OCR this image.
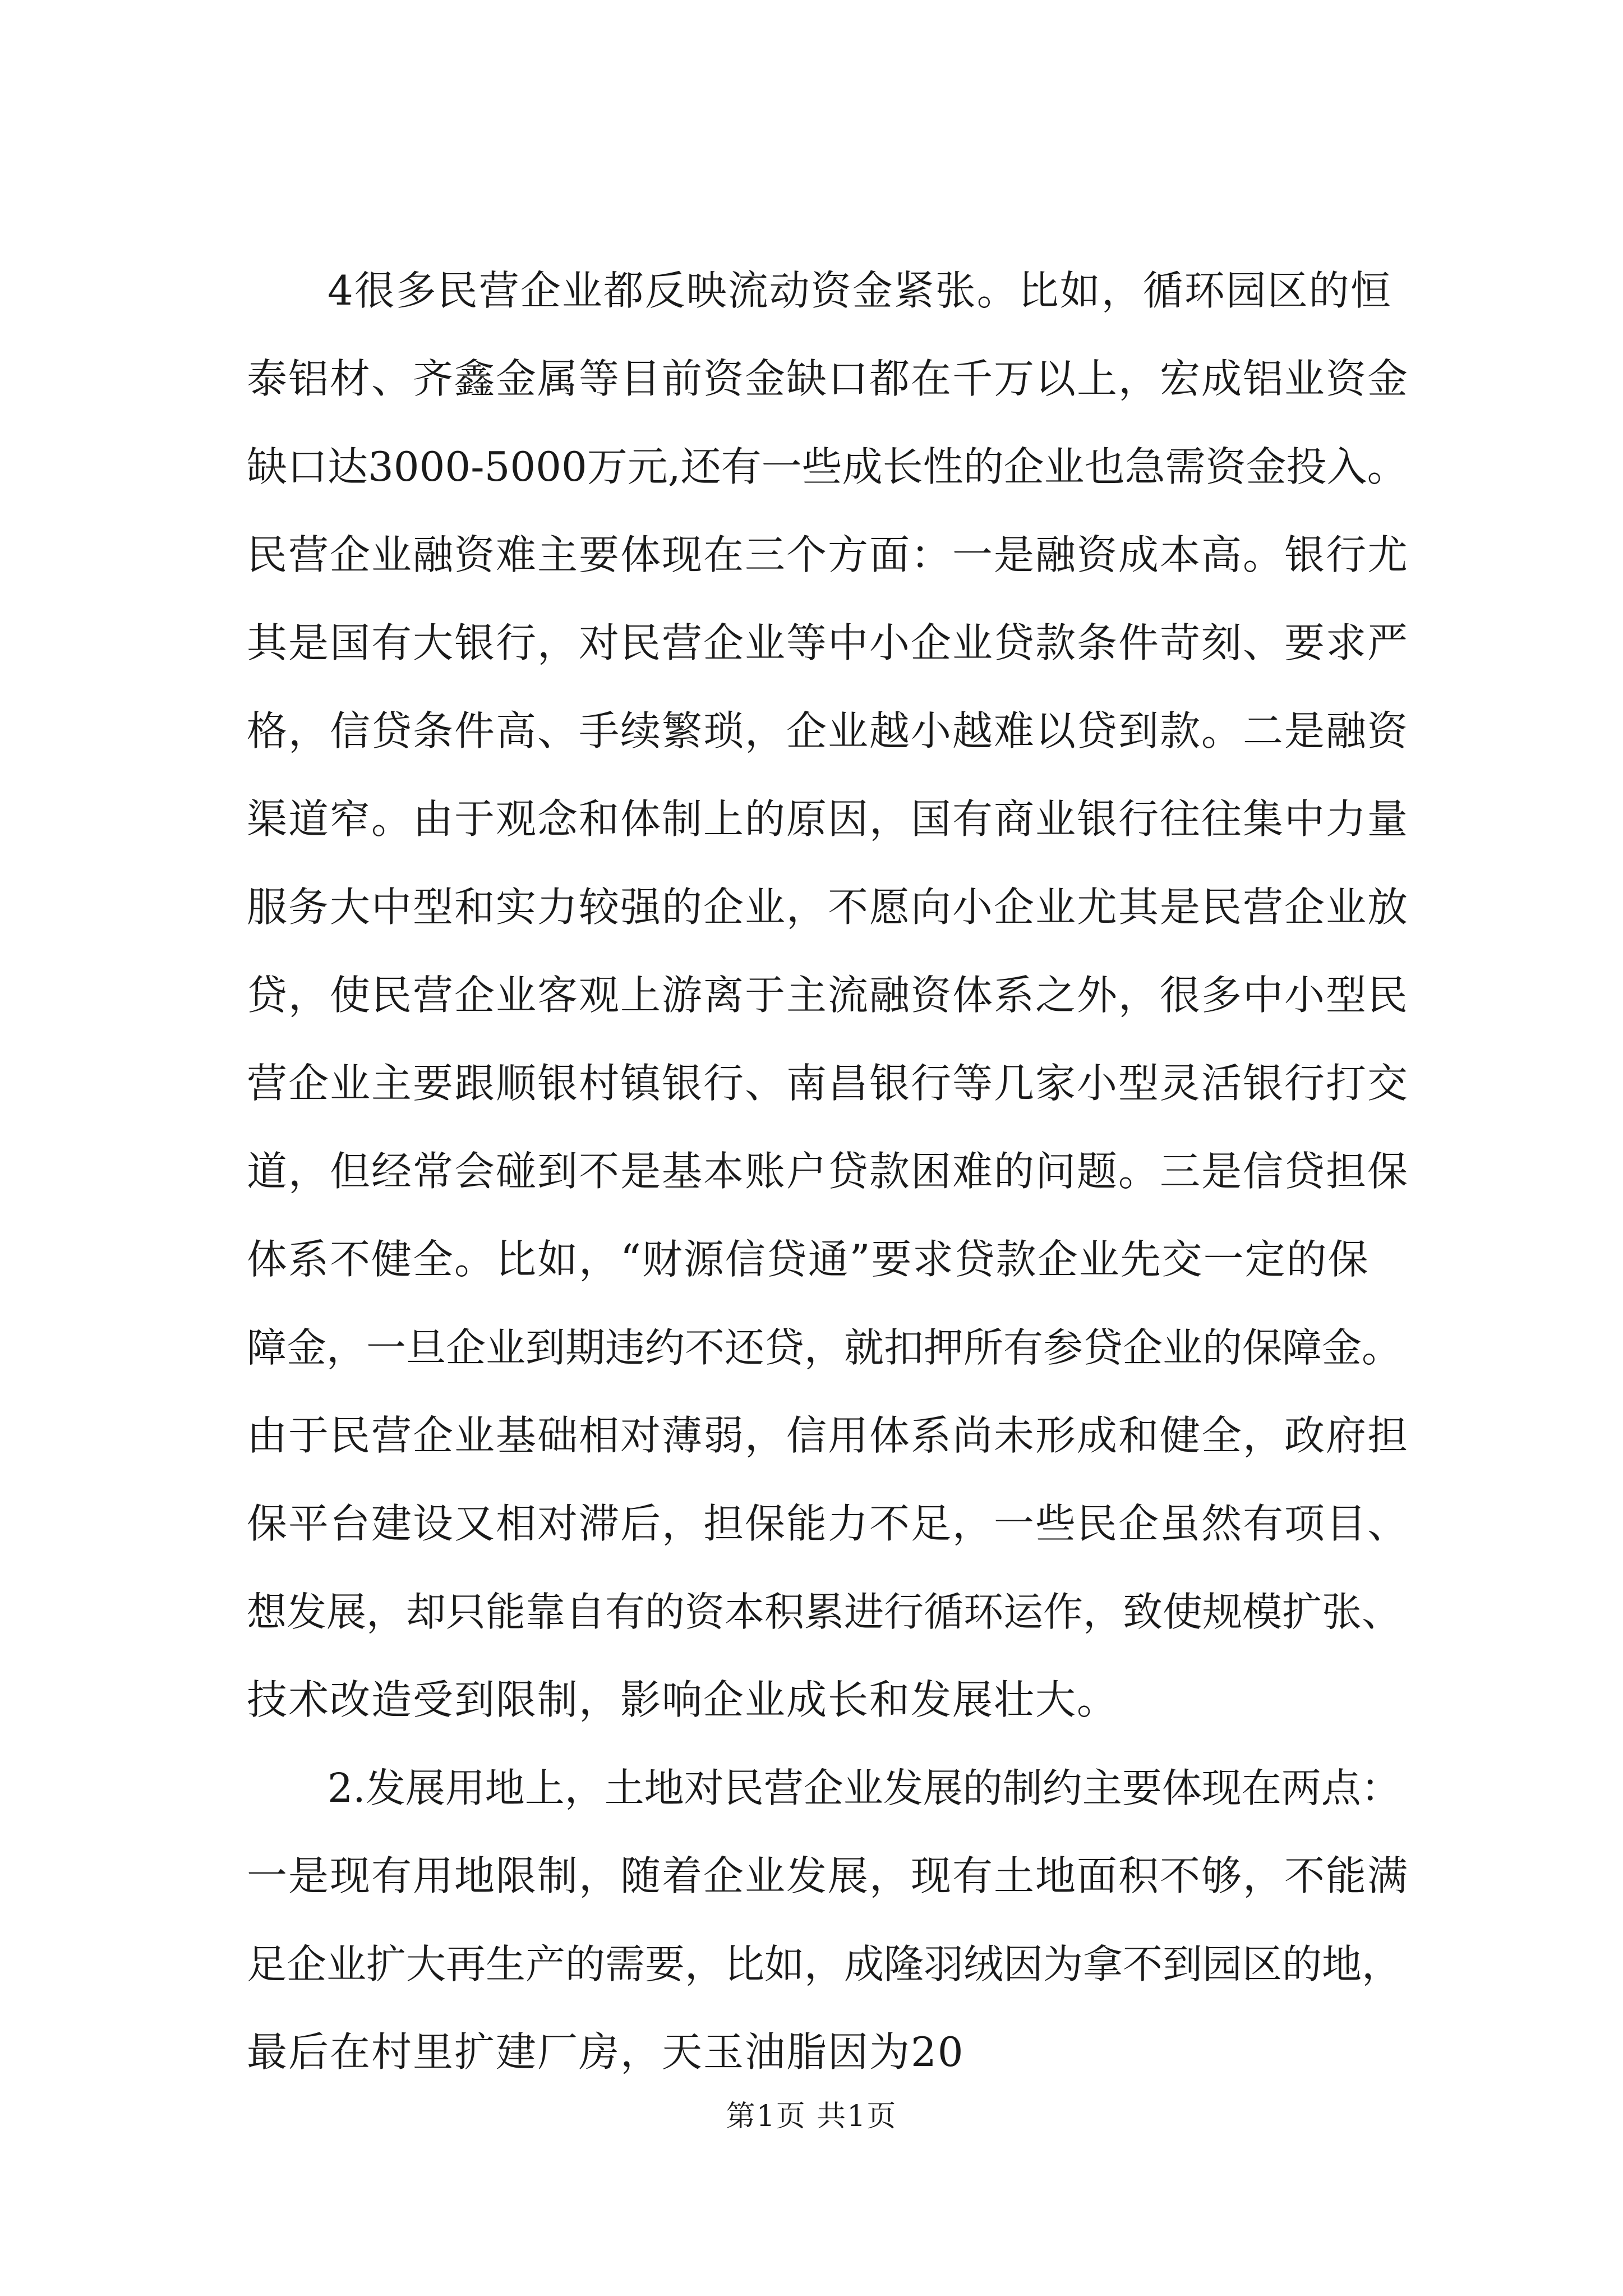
4很多民营企业都反映流动资金紧张。比如，循环园区的恒
泰铝材、齐鑫金属等目前资金缺口都在千万以上，宏成铝业资金
缺口达3000-5000万元,还有一些成长性的企业也急需资金投入。
民营企业融资难主要体现在三个方面：一是融资成本高。银行尤
其是国有大银行，对民营企业等中小企业贷款条件苛刻、要求严
格，信贷条件高、手续繁琐，企业越小越难以贷到款。二是融资
渠道窄。由于观念和体制上的原因，国有商业银行往往集中力量
服务大中型和实力较强的企业，不愿向小企业尤其是民营企业放
贷，使民营企业客观上游离于主流融资体系之外，很多中小型民
营企业主要跟顺银村镇银行、南昌银行等几家小型灵活银行打交
道，但经常会碰到不是基本账户贷款困难的问题。三是信贷担保
体系不健全。比如，“财源信贷通”要求贷款企业先交一定的保
障金，一旦企业到期违约不还贷，就扣押所有参贷企业的保障金。
由于民营企业基础相对薄弱，信用体系尚未形成和健全，政府担
保平台建设又相对滞后，担保能力不足，一些民企虽然有项目、
想发展，却只能靠自有的资本积累进行循环运作，致使规模扩张、
技术改造受到限制，影响企业成长和发展壮大。
2.发展用地上，土地对民营企业发展的制约主要体现在两点：
一是现有用地限制，随着企业发展，现有土地面积不够，不能满
足企业扩大再生产的需要，比如，成隆羽绒因为拿不到园区的地，
最后在村里扩建厂房，天玉油脂因为20
第1页 共1页
